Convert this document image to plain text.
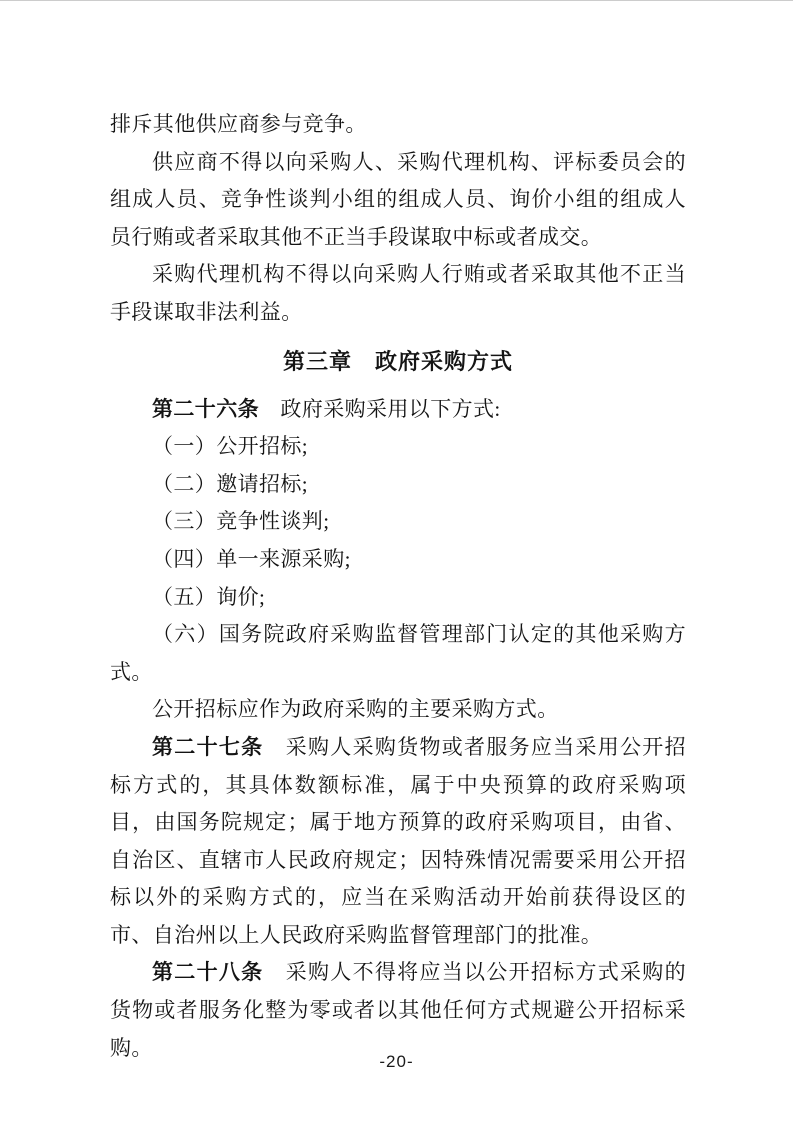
排斥其他供应商参与竞争。

供应商不得以向采购人、采购代理机构、评标委员会的组成人员、竞争性谈判小组的组成人员、询价小组的组成人员行贿或者采取其他不正当手段谋取中标或者成交。

采购代理机构不得以向采购人行贿或者采取其他不正当手段谋取非法利益。

第三章　政府采购方式

第二十六条　政府采购采用以下方式:

（一）公开招标;

（二）邀请招标;

（三）竞争性谈判;

（四）单一来源采购;

（五）询价;

（六）国务院政府采购监督管理部门认定的其他采购方式。

公开招标应作为政府采购的主要采购方式。

第二十七条　采购人采购货物或者服务应当采用公开招标方式的，其具体数额标准，属于中央预算的政府采购项目，由国务院规定；属于地方预算的政府采购项目，由省、自治区、直辖市人民政府规定；因特殊情况需要采用公开招标以外的采购方式的，应当在采购活动开始前获得设区的市、自治州以上人民政府采购监督管理部门的批准。

第二十八条　采购人不得将应当以公开招标方式采购的货物或者服务化整为零或者以其他任何方式规避公开招标采购。

-20-
